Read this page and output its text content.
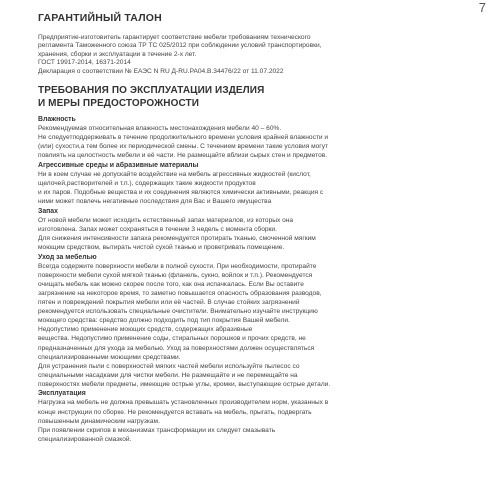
7
ГАРАНТИЙНЫЙ ТАЛОН

Предприятие-изготовитель гарантирует соответствие мебели требованиям технического

регламента Таможенного союза ТР ТС 025/2012 при соблюдении условий транспортировки,

хранения, сборки и эксплуатации в течение 2-х лет.

ГОСТ 19917-2014, 16371-2014

Декларация о соответствии № ЕАЭС N RU Д-RU.PA04.B.34476/22 от 11.07.2022

ТРЕБОВАНИЯ ПО ЭКСПЛУАТАЦИИ ИЗДЕЛИЯ
И МЕРЫ ПРЕДОСТОРОЖНОСТИ
Влажность

Рекомендуемая относительная влажность местонахождения мебели 40 – 60%.

Не следуетподдерживать в течение продолжительного времени условия крайней влажности и

(или) сухости,а тем более их периодической смены. С течением времени такие условия могут

повлиять на целостность мебели и её части. Не размещайте вблизи сырых стен и предметов.

Агрессивные среды и абразивные материалы

Ни в коем случае не допускайте воздействие на мебель агрессивных жидкостей (кислот,

щелочей,растворителей и т.п.), содержащих такие жидкости продуктов

и их паров. Подобные вещества и их соединения являются химически активными, реакция с

ними может повлечь негативные последствия для Вас и Вашего имущества

Запах

От новой мебели может исходить естественный запах материалов, из которых она

изготовлена. Запах может сохраняться в течении 3 недель с момента сборки.

Для снижения интенсивности запаха рекомендуется протирать тканью, смоченной мягким

моющим средством, вытирать чистой сухой тканью и проветривать помещение.

Уход за мебелью

Всегда содержите поверхности мебели в полной сухости. При необходимости, протирайте

поверхности мебели сухой мягкой тканью (фланель, сукно, войлок и т.п.). Рекомендуется

очищать мебель как можно скорее после того, как она испачкалась. Если Вы оставите

загрязнение на некоторое время, то заметно повышается опасность образования разводов,

пятен и повреждений покрытия мебели или её частей. В случае стойких загрязнений

рекомендуется использовать специальные очистители. Внимательно изучайте инструкцию

моющего средства: средство должно подходить под тип покрытия Вашей мебели.

Недопустимо применение моющих средств, содержащих абразивные

вещества. Недопустимо применение соды, стиральных порошков и прочих средств, не

предназначенных для ухода за мебелью. Уход за поверхностями должен осуществляться

специализированными моющими средствами.

Для устранения пыли с поверхностей мягких частей мебели используйте пылесос со

специальными насадками для чистки мебели. Не размещайте и не перемещайте на

поверхностях мебели предметы, имеющие острые углы, кромки, выступающие острые детали.

Эксплуатация

Нагрузка на мебель не должна превышать установленных производителем норм, указанных в

конце инструкции по сборке. Не рекомендуется вставать на мебель, прыгать, подвергать

повышенным динамическим нагрузкам.

При появлении скрипов в механизмах трансформации их следует смазывать

специализированной смазкой.
